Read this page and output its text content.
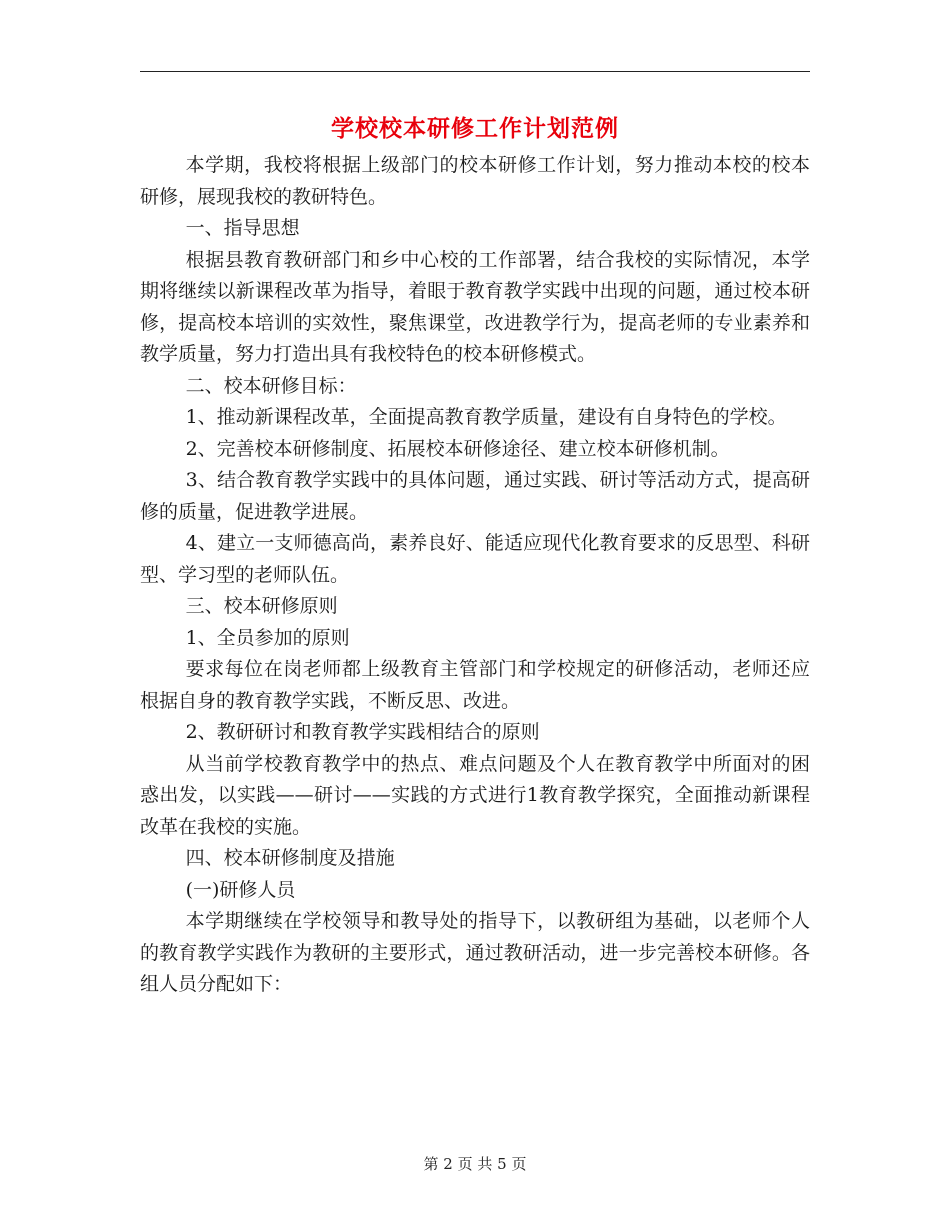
学校校本研修工作计划范例

本学期，我校将根据上级部门的校本研修工作计划，努力推动本校的校本研修，展现我校的教研特色。

一、指导思想

根据县教育教研部门和乡中心校的工作部署，结合我校的实际情况，本学期将继续以新课程改革为指导，着眼于教育教学实践中出现的问题，通过校本研修，提高校本培训的实效性，聚焦课堂，改进教学行为，提高老师的专业素养和教学质量，努力打造出具有我校特色的校本研修模式。

二、校本研修目标：

1、推动新课程改革，全面提高教育教学质量，建设有自身特色的学校。

2、完善校本研修制度、拓展校本研修途径、建立校本研修机制。

3、结合教育教学实践中的具体问题，通过实践、研讨等活动方式，提高研修的质量，促进教学进展。

4、建立一支师德高尚，素养良好、能适应现代化教育要求的反思型、科研型、学习型的老师队伍。

三、校本研修原则

1、全员参加的原则

要求每位在岗老师都上级教育主管部门和学校规定的研修活动，老师还应根据自身的教育教学实践，不断反思、改进。

2、教研研讨和教育教学实践相结合的原则

从当前学校教育教学中的热点、难点问题及个人在教育教学中所面对的困惑出发，以实践——研讨——实践的方式进行1教育教学探究，全面推动新课程改革在我校的实施。

四、校本研修制度及措施

(一)研修人员

本学期继续在学校领导和教导处的指导下，以教研组为基础，以老师个人的教育教学实践作为教研的主要形式，通过教研活动，进一步完善校本研修。各组人员分配如下：

第 2 页 共 5 页
